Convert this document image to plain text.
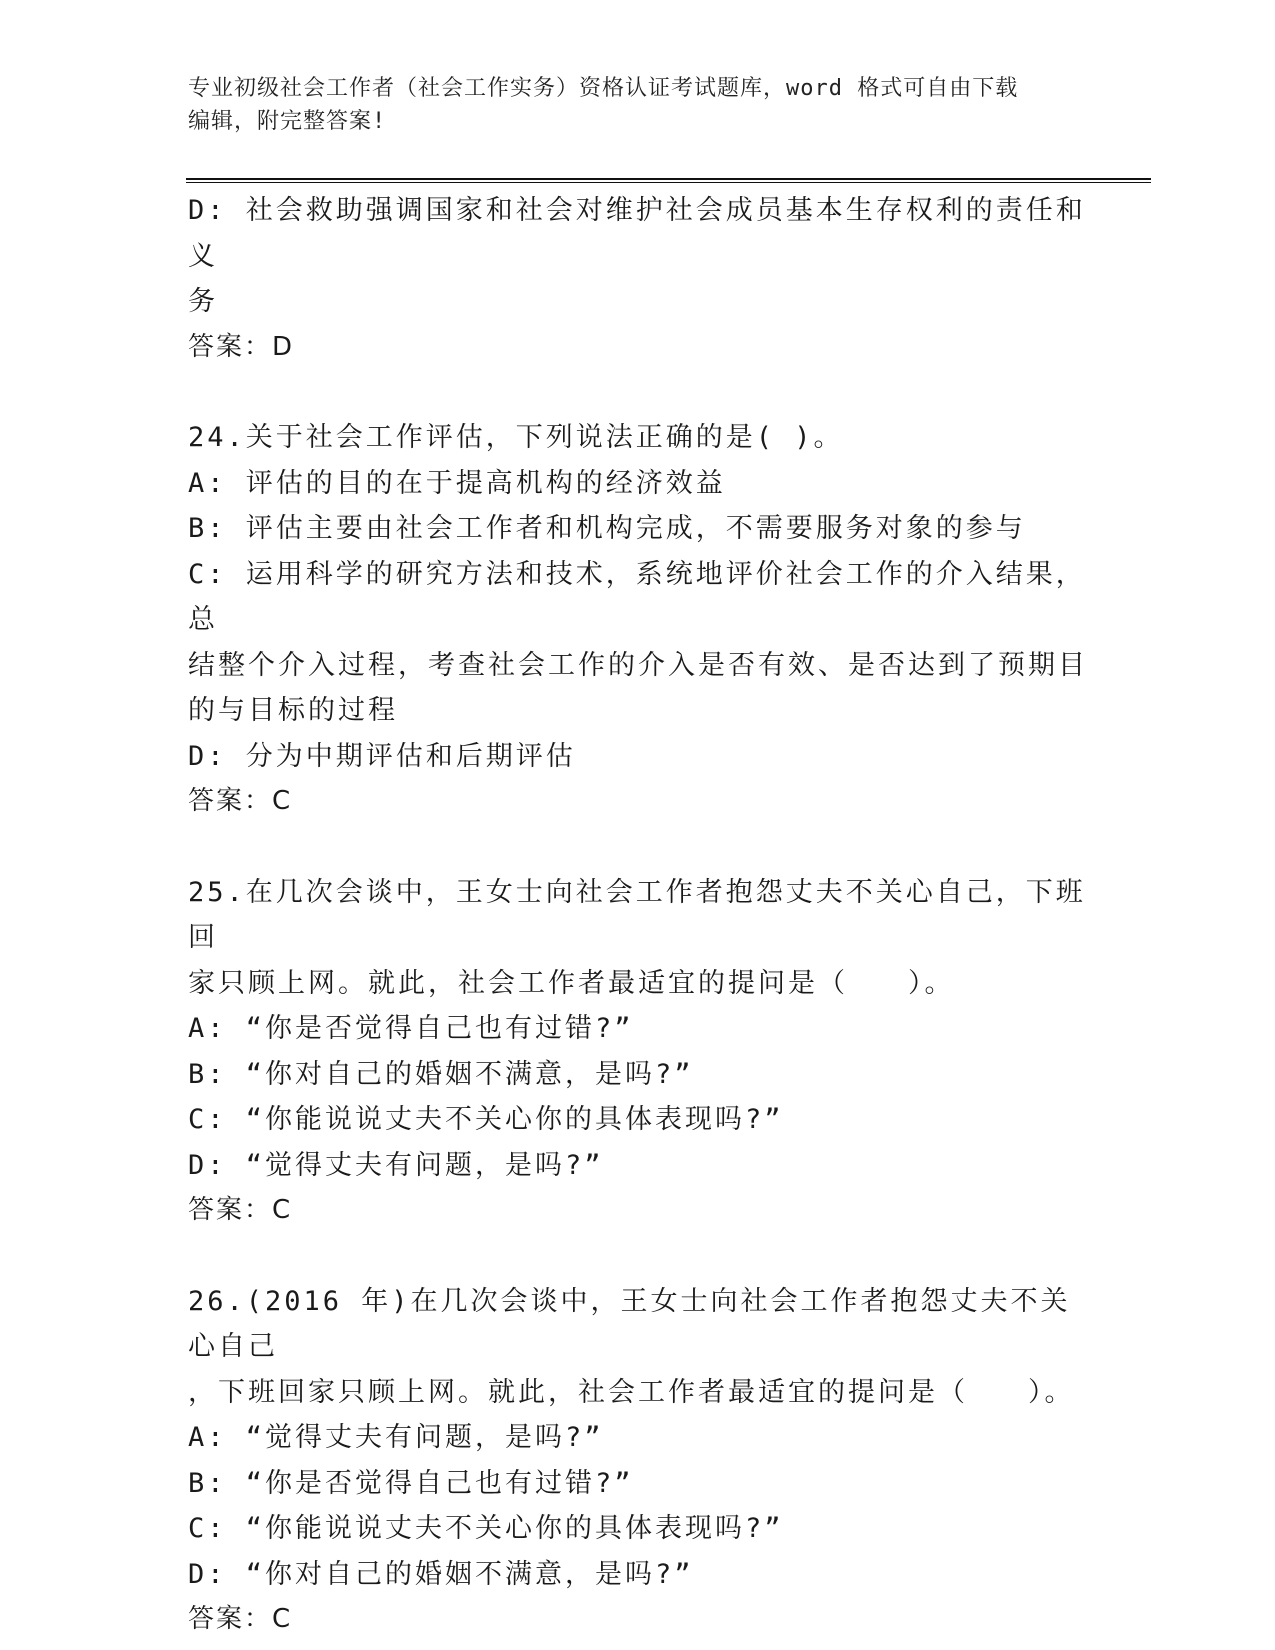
专业初级社会工作者（社会工作实务）资格认证考试题库，word 格式可自由下载
编辑，附完整答案!
D: 社会救助强调国家和社会对维护社会成员基本生存权利的责任和义
务
答案：D
24.关于社会工作评估，下列说法正确的是( )。
A: 评估的目的在于提高机构的经济效益
B: 评估主要由社会工作者和机构完成，不需要服务对象的参与
C: 运用科学的研究方法和技术，系统地评价社会工作的介入结果，总
结整个介入过程，考查社会工作的介入是否有效、是否达到了预期目
的与目标的过程
D: 分为中期评估和后期评估
答案：C
25.在几次会谈中，王女士向社会工作者抱怨丈夫不关心自己，下班回
家只顾上网。就此，社会工作者最适宜的提问是（　　）。
A: “你是否觉得自己也有过错?”
B: “你对自己的婚姻不满意，是吗?”
C: “你能说说丈夫不关心你的具体表现吗?”
D: “觉得丈夫有问题，是吗?”
答案：C
26.(2016 年)在几次会谈中，王女士向社会工作者抱怨丈夫不关心自己
，下班回家只顾上网。就此，社会工作者最适宜的提问是（　　）。
A: “觉得丈夫有问题，是吗?”
B: “你是否觉得自己也有过错?”
C: “你能说说丈夫不关心你的具体表现吗?”
D: “你对自己的婚姻不满意，是吗?”
答案：C
